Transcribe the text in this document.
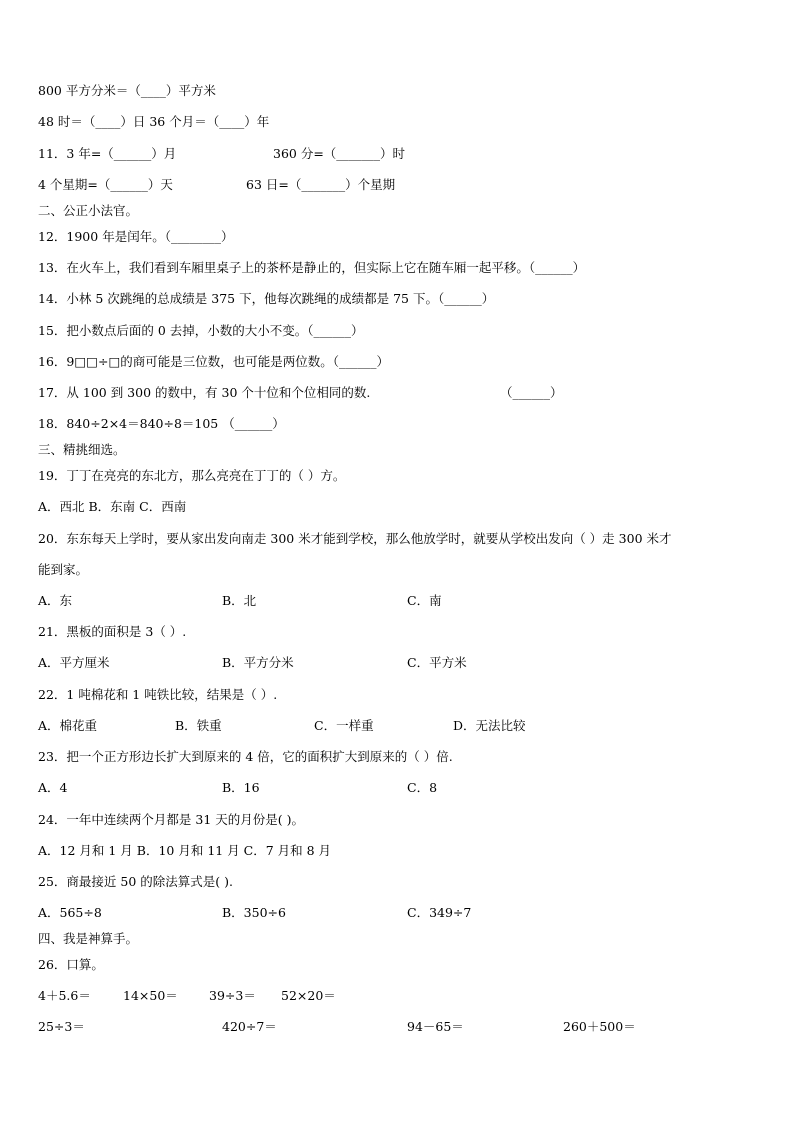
800 平方分米＝（____）平方米
48 时＝（____）日 36 个月＝（____）年
11．3 年=（______）月	360 分=（_______）时
4 个星期=（______）天	63 日=（_______）个星期
二、公正小法官。
12．1900 年是闰年。（________）
13．在火车上，我们看到车厢里桌子上的茶杯是静止的，但实际上它在随车厢一起平移。（______）
14．小林 5 次跳绳的总成绩是 375 下，他每次跳绳的成绩都是 75 下。（______）
15．把小数点后面的 0 去掉，小数的大小不变。（______）
16．9□□÷□的商可能是三位数，也可能是两位数。（______）
17．从 100 到 300 的数中，有 30 个十位和个位相同的数.	（______）
18．840÷2×4＝840÷8＝105 （______）
三、精挑细选。
19．丁丁在亮亮的东北方，那么亮亮在丁丁的（ ）方。
A．西北 B．东南 C．西南
20．东东每天上学时，要从家出发向南走 300 米才能到学校，那么他放学时，就要从学校出发向（ ）走 300 米才
能到家。
A．东	B．北	C．南
21．黑板的面积是 3（ ）.
A．平方厘米	B．平方分米	C．平方米
22．1 吨棉花和 1 吨铁比较，结果是（ ）.
A．棉花重	B．铁重	C．一样重	D．无法比较
23．把一个正方形边长扩大到原来的 4 倍，它的面积扩大到原来的（ ）倍.
A．4	B．16	C．8
24．一年中连续两个月都是 31 天的月份是( )。
A．12 月和 1 月 B．10 月和 11 月 C．7 月和 8 月
25．商最接近 50 的除法算式是( ).
A．565÷8	B．350÷6	C．349÷7
四、我是神算手。
26．口算。
4＋5.6＝	14×50＝ 39÷3＝ 52×20＝
25÷3＝	420÷7＝	94－65＝	260＋500＝
